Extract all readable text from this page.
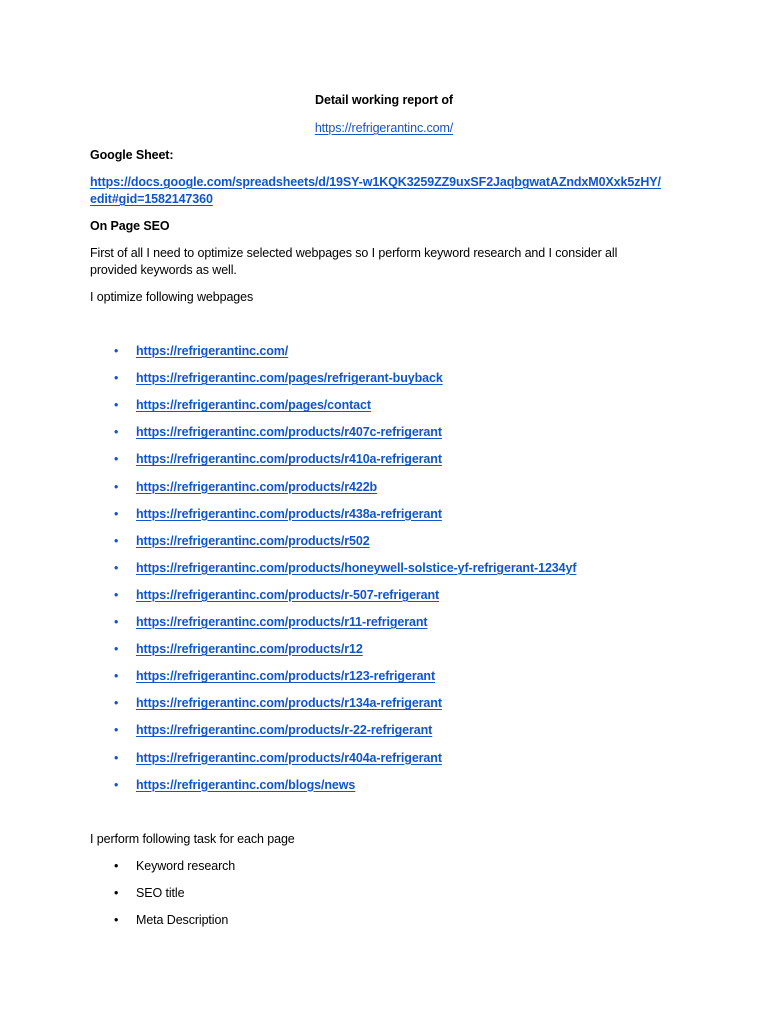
Detail working report of
https://refrigerantinc.com/
Google Sheet:
https://docs.google.com/spreadsheets/d/19SY-w1KQK3259ZZ9uxSF2JaqbgwatAZndxM0Xxk5zHY/
edit#gid=1582147360
On Page SEO
First of all I need to optimize selected webpages so I perform keyword research and I consider all
provided keywords as well.
I optimize following webpages
• https://refrigerantinc.com/
• https://refrigerantinc.com/pages/refrigerant-buyback
• https://refrigerantinc.com/pages/contact
• https://refrigerantinc.com/products/r407c-refrigerant
• https://refrigerantinc.com/products/r410a-refrigerant
• https://refrigerantinc.com/products/r422b
• https://refrigerantinc.com/products/r438a-refrigerant
• https://refrigerantinc.com/products/r502
• https://refrigerantinc.com/products/honeywell-solstice-yf-refrigerant-1234yf
• https://refrigerantinc.com/products/r-507-refrigerant
• https://refrigerantinc.com/products/r11-refrigerant
• https://refrigerantinc.com/products/r12
• https://refrigerantinc.com/products/r123-refrigerant
• https://refrigerantinc.com/products/r134a-refrigerant
• https://refrigerantinc.com/products/r-22-refrigerant
• https://refrigerantinc.com/products/r404a-refrigerant
• https://refrigerantinc.com/blogs/news
I perform following task for each page
• Keyword research
• SEO title
• Meta Description
